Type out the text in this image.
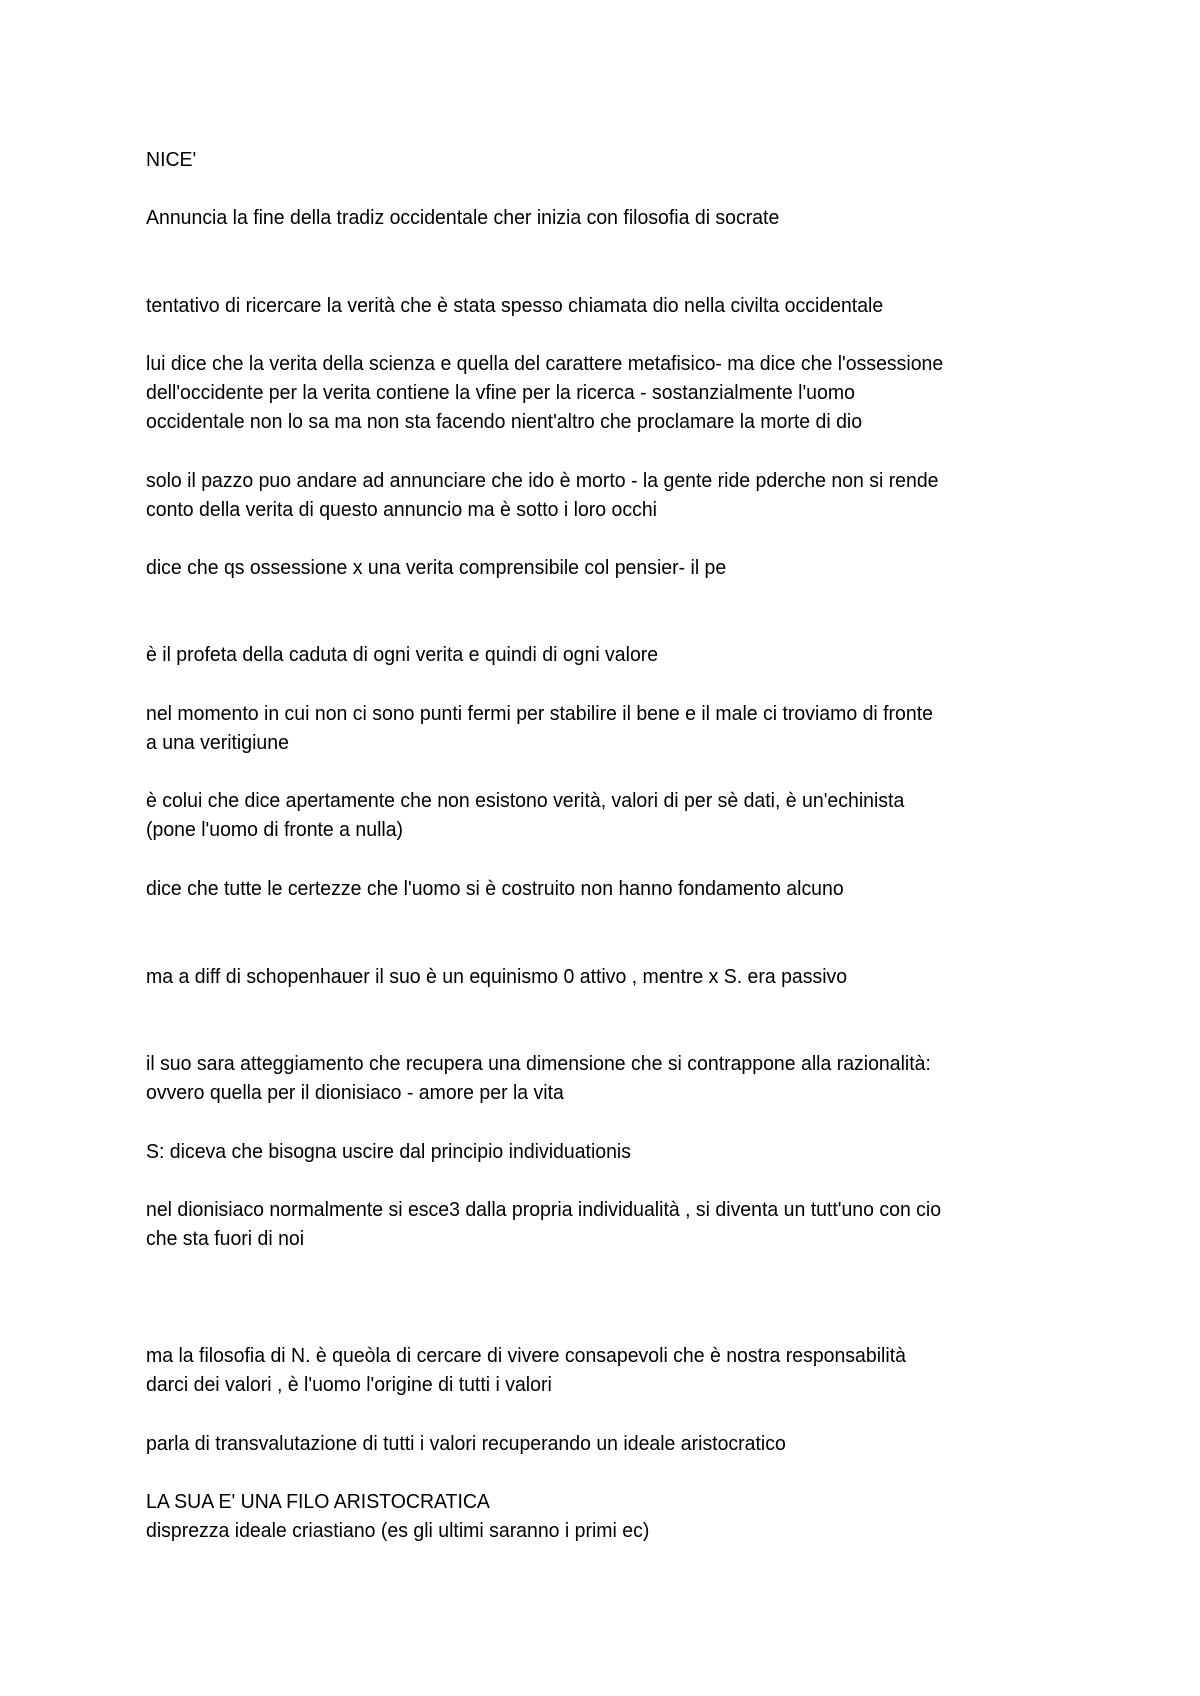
NICE'

Annuncia la fine della tradiz occidentale cher inizia con filosofia di socrate

tentativo di ricercare la verità che è stata spesso chiamata dio nella civilta occidentale

lui dice che la verita della scienza e quella del carattere metafisico- ma dice che l'ossessione

dell'occidente per la verita contiene la vfine per la ricerca - sostanzialmente l'uomo

occidentale non lo sa ma non sta facendo nient'altro che proclamare la morte di dio

solo il pazzo puo andare ad annunciare che ido è morto - la gente ride pderche non si rende

conto della verita di questo annuncio ma è sotto i loro occhi

dice che qs ossessione x una verita comprensibile col pensier- il pe

è il profeta della caduta di ogni verita e quindi di ogni valore

nel momento in cui non ci sono punti fermi per stabilire il bene e il male ci troviamo di fronte

a una veritigiune

è colui che dice apertamente che non esistono verità, valori di per sè dati, è un'echinista

(pone l'uomo di fronte a nulla)

dice che tutte le certezze che l'uomo si è costruito non hanno fondamento alcuno

ma a diff di schopenhauer il suo è un equinismo 0 attivo , mentre x S. era passivo

il suo sara atteggiamento che recupera una dimensione che si contrappone alla razionalità:

ovvero quella per il dionisiaco - amore per la vita

S: diceva che bisogna uscire dal principio individuationis

nel dionisiaco normalmente si esce3 dalla propria individualità , si diventa un tutt'uno con cio

che sta fuori di noi

ma la filosofia di N. è queòla di cercare di vivere consapevoli che è nostra responsabilità

darci dei valori , è l'uomo l'origine di tutti i valori

parla di transvalutazione di tutti i valori recuperando un ideale aristocratico

LA SUA E' UNA FILO ARISTOCRATICA

disprezza ideale criastiano (es gli ultimi saranno i primi ec)
